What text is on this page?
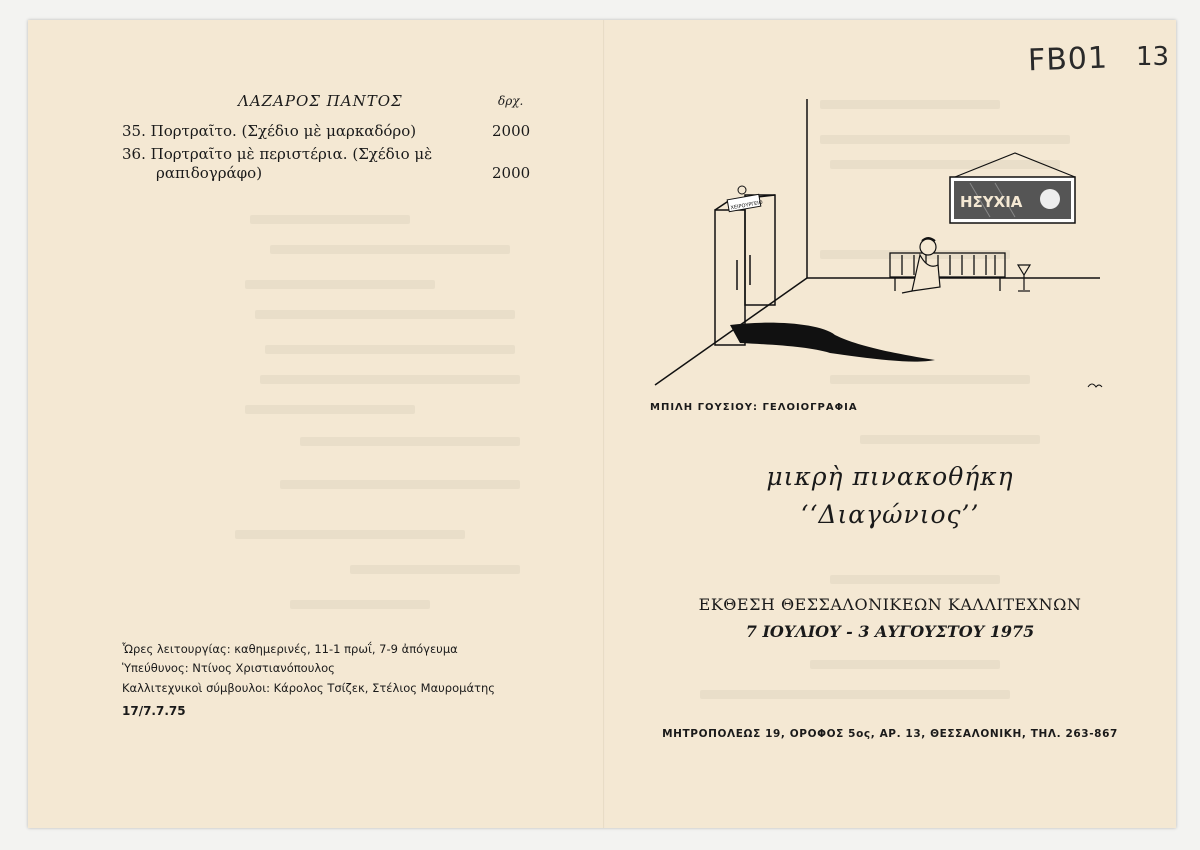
FB01 13
ΛΑΖΑΡΟΣ ΠΑΝΤΟΣ	δρχ.
35. Πορτραῖτο. (Σχέδιο μὲ μαρκαδόρο)	2000
36. Πορτραῖτο μὲ περιστέρια. (Σχέδιο μὲ
ραπιδογράφο)	2000
Ὧρες λειτουργίας: καθημερινές, 11-1 πρωΐ, 7-9 ἀπόγευμα
Ὑπεύθυνος: Ντίνος Χριστιανόπουλος
Καλλιτεχνικοὶ σύμβουλοι: Κάρολος Τσίζεκ, Στέλιος Μαυρομάτης
17/7.7.75
ΧΕΙΡΟΥΡΓΕΙΟ	ΗΣΥΧΙΑ
ΜΠΙΛΗ ΓΟΥΣΙΟΥ: ΓΕΛΟΙΟΓΡΑΦΙΑ
μικρὴ πινακοθήκη
‘‘Διαγώνιος’’
ΕΚΘΕΣΗ ΘΕΣΣΑΛΟΝΙΚΕΩΝ ΚΑΛΛΙΤΕΧΝΩΝ
7 ΙΟΥΛΙΟΥ - 3 ΑΥΓΟΥΣΤΟΥ 1975
ΜΗΤΡΟΠΟΛΕΩΣ 19, ΟΡΟΦΟΣ 5ος, ΑΡ. 13, ΘΕΣΣΑΛΟΝΙΚΗ, ΤΗΛ. 263-867
